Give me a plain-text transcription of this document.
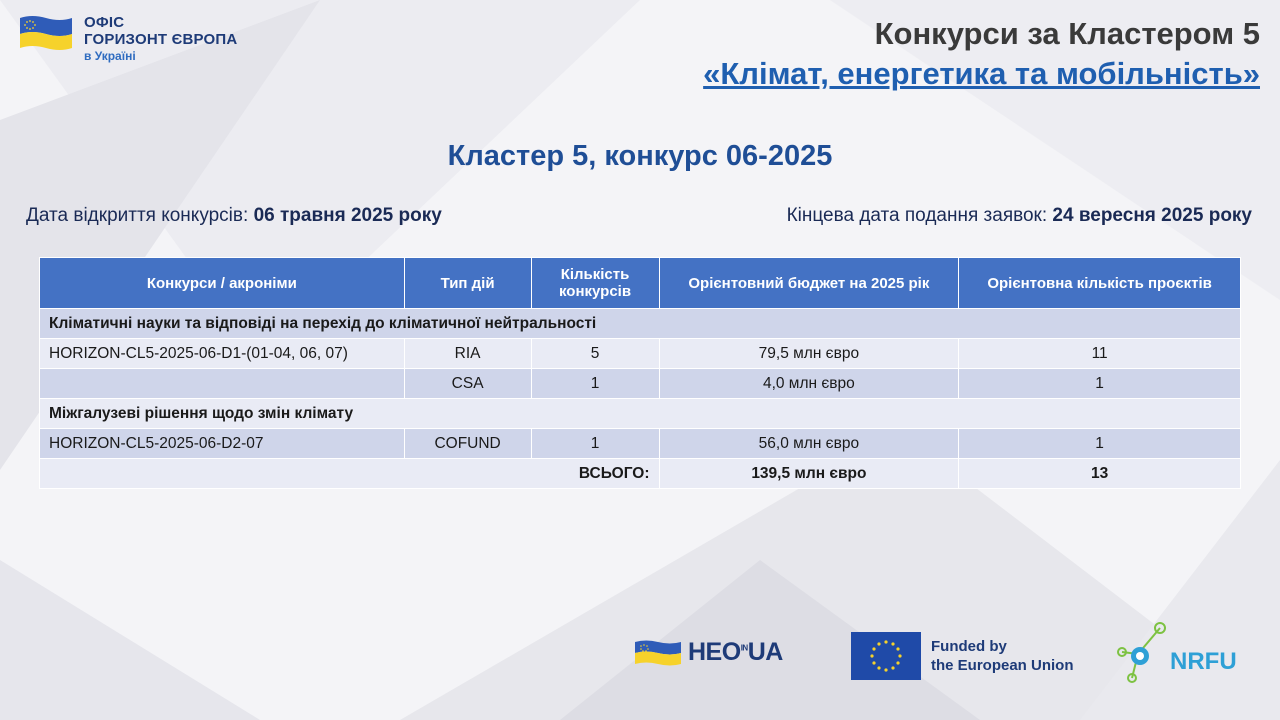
ОФІС
ГОРИЗОНТ ЄВРОПА
в Україні
Конкурси за Кластером 5
«Клімат, енергетика та мобільність»
Кластер 5, конкурс 06-2025
Дата відкриття конкурсів: 06 травня 2025 року	Кінцева дата подання заявок: 24 вересня 2025 року
Конкурси / акроніми	Тип дій	Кількість конкурсів	Орієнтовний бюджет на 2025 рік	Орієнтовна кількість проєктів
Кліматичні науки та відповіді на перехід до кліматичної нейтральності				
HORIZON-CL5-2025-06-D1-(01-04, 06, 07)	RIA	5	79,5 млн євро	11
	CSA	1	4,0 млн євро	1
Міжгалузеві рішення щодо змін клімату				
HORIZON-CL5-2025-06-D2-07	COFUND	1	56,0 млн євро	1
ВСЬОГО:			139,5 млн євро	13
$HEO^{IN}UA$	Funded by
the European Union	NRFU
